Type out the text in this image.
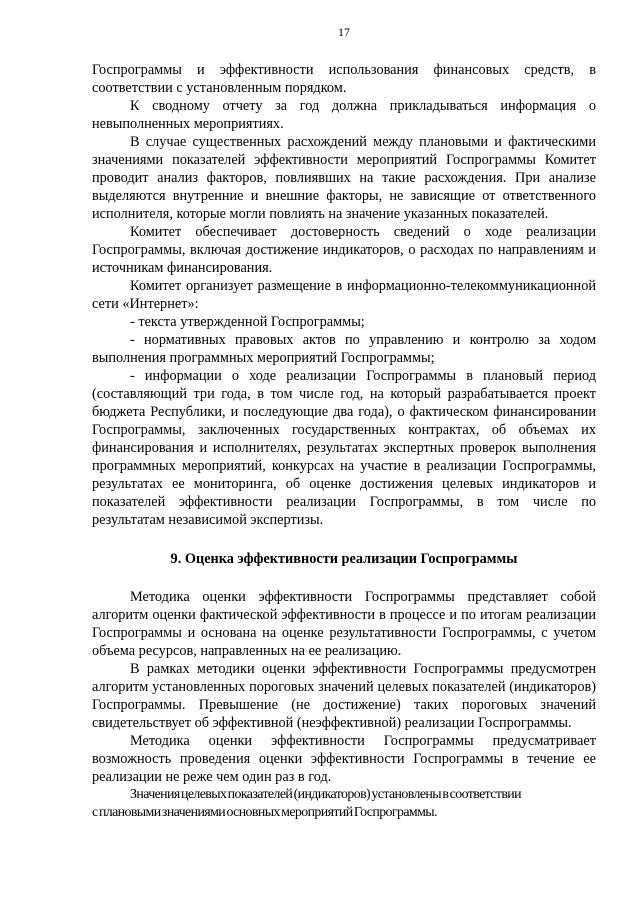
17

Госпрограммы и эффективности использования финансовых средств, в соответствии с установленным порядком.

К сводному отчету за год должна прикладываться информация о невыполненных мероприятиях.

В случае существенных расхождений между плановыми и фактическими значениями показателей эффективности мероприятий Госпрограммы Комитет проводит анализ факторов, повлиявших на такие расхождения. При анализе выделяются внутренние и внешние факторы, не зависящие от ответственного исполнителя, которые могли повлиять на значение указанных показателей.

Комитет обеспечивает достоверность сведений о ходе реализации Госпрограммы, включая достижение индикаторов, о расходах по направлениям и источникам финансирования.

Комитет организует размещение в информационно-телекоммуникационной сети «Интернет»:

- текста утвержденной Госпрограммы;

- нормативных правовых актов по управлению и контролю за ходом выполнения программных мероприятий Госпрограммы;

- информации о ходе реализации Госпрограммы в плановый период (составляющий три года, в том числе год, на который разрабатывается проект бюджета Республики, и последующие два года), о фактическом финансировании Госпрограммы, заключенных государственных контрактах, об объемах их финансирования и исполнителях, результатах экспертных проверок выполнения программных мероприятий, конкурсах на участие в реализации Госпрограммы, результатах ее мониторинга, об оценке достижения целевых индикаторов и показателей эффективности реализации Госпрограммы, в том числе по результатам независимой экспертизы.

9. Оценка эффективности реализации Госпрограммы

Методика оценки эффективности Госпрограммы представляет собой алгоритм оценки фактической эффективности в процессе и по итогам реализации Госпрограммы и основана на оценке результативности Госпрограммы, с учетом объема ресурсов, направленных на ее реализацию.

В рамках методики оценки эффективности Госпрограммы предусмотрен алгоритм установленных пороговых значений целевых показателей (индикаторов) Госпрограммы. Превышение (не достижение) таких пороговых значений свидетельствует об эффективной (неэффективной) реализации Госпрограммы.

Методика оценки эффективности Госпрограммы предусматривает возможность проведения оценки эффективности Госпрограммы в течение ее реализации не реже чем один раз в год.

Значения целевых показателей (индикаторов) установлены в соответствии

с плановыми значениями основных мероприятий Госпрограммы.
